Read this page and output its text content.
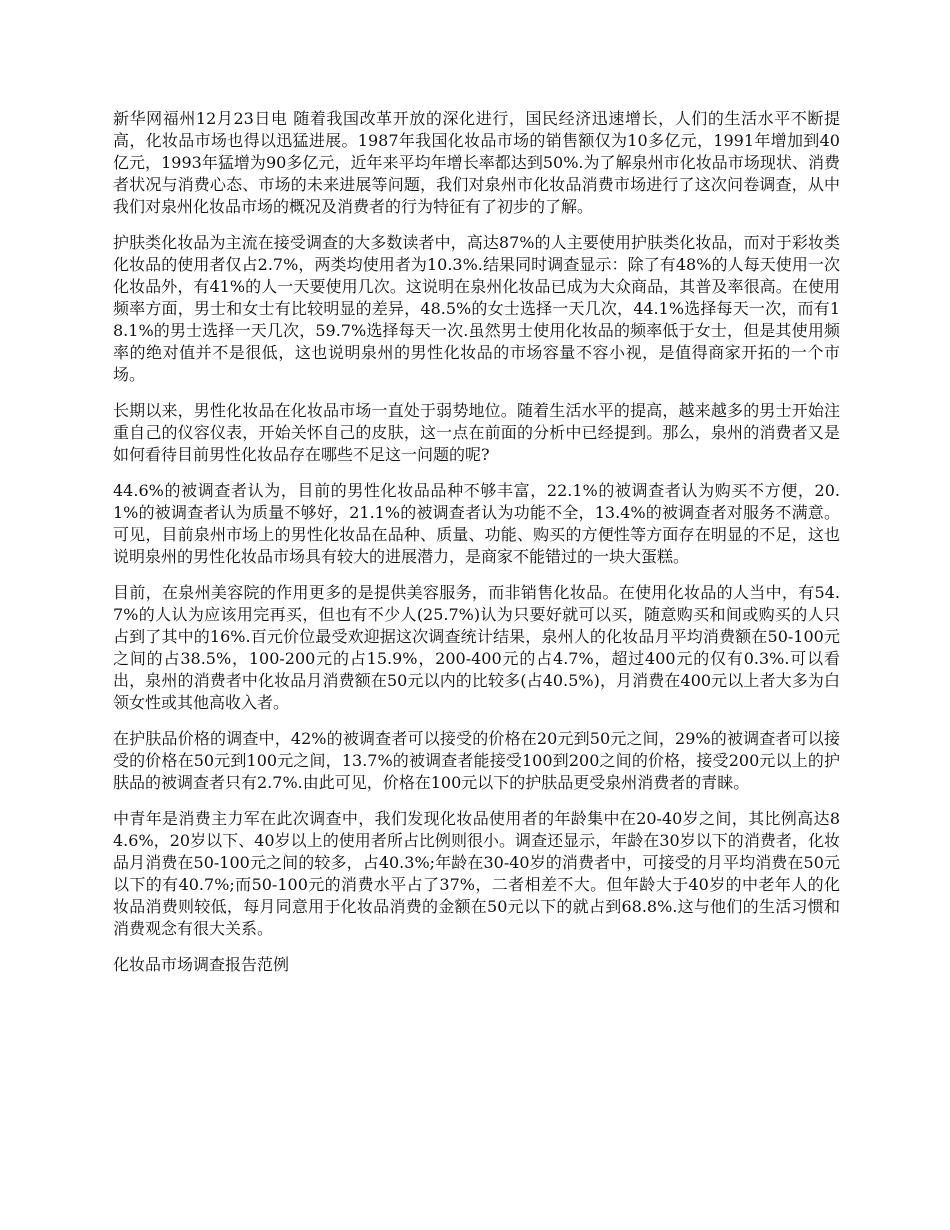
新华网福州12月23日电 随着我国改革开放的深化进行，国民经济迅速增长，人们的生活水平不断提高，化妆品市场也得以迅猛进展。1987年我国化妆品市场的销售额仅为10多亿元，1991年增加到40亿元，1993年猛增为90多亿元，近年来平均年增长率都达到50%.为了解泉州市化妆品市场现状、消费者状况与消费心态、市场的未来进展等问题，我们对泉州市化妆品消费市场进行了这次问卷调查，从中我们对泉州化妆品市场的概况及消费者的行为特征有了初步的了解。

护肤类化妆品为主流在接受调查的大多数读者中，高达87%的人主要使用护肤类化妆品，而对于彩妆类化妆品的使用者仅占2.7%，两类均使用者为10.3%.结果同时调查显示：除了有48%的人每天使用一次化妆品外，有41%的人一天要使用几次。这说明在泉州化妆品已成为大众商品，其普及率很高。在使用频率方面，男士和女士有比较明显的差异，48.5%的女士选择一天几次，44.1%选择每天一次，而有18.1%的男士选择一天几次，59.7%选择每天一次.虽然男士使用化妆品的频率低于女士，但是其使用频率的绝对值并不是很低，这也说明泉州的男性化妆品的市场容量不容小视，是值得商家开拓的一个市场。

长期以来，男性化妆品在化妆品市场一直处于弱势地位。随着生活水平的提高，越来越多的男士开始注重自己的仪容仪表，开始关怀自己的皮肤，这一点在前面的分析中已经提到。那么，泉州的消费者又是如何看待目前男性化妆品存在哪些不足这一问题的呢?

44.6%的被调查者认为，目前的男性化妆品品种不够丰富，22.1%的被调查者认为购买不方便，20.1%的被调查者认为质量不够好，21.1%的被调查者认为功能不全，13.4%的被调查者对服务不满意。可见，目前泉州市场上的男性化妆品在品种、质量、功能、购买的方便性等方面存在明显的不足，这也说明泉州的男性化妆品市场具有较大的进展潜力，是商家不能错过的一块大蛋糕。

目前，在泉州美容院的作用更多的是提供美容服务，而非销售化妆品。在使用化妆品的人当中，有54.7%的人认为应该用完再买，但也有不少人(25.7%)认为只要好就可以买，随意购买和间或购买的人只占到了其中的16%.百元价位最受欢迎据这次调查统计结果，泉州人的化妆品月平均消费额在50-100元之间的占38.5%，100-200元的占15.9%，200-400元的占4.7%，超过400元的仅有0.3%.可以看出，泉州的消费者中化妆品月消费额在50元以内的比较多(占40.5%)，月消费在400元以上者大多为白领女性或其他高收入者。

在护肤品价格的调查中，42%的被调查者可以接受的价格在20元到50元之间，29%的被调查者可以接受的价格在50元到100元之间，13.7%的被调查者能接受100到200之间的价格，接受200元以上的护肤品的被调查者只有2.7%.由此可见，价格在100元以下的护肤品更受泉州消费者的青睐。

中青年是消费主力军在此次调查中，我们发现化妆品使用者的年龄集中在20-40岁之间，其比例高达84.6%，20岁以下、40岁以上的使用者所占比例则很小。调查还显示，年龄在30岁以下的消费者，化妆品月消费在50-100元之间的较多，占40.3%;年龄在30-40岁的消费者中，可接受的月平均消费在50元以下的有40.7%;而50-100元的消费水平占了37%，二者相差不大。但年龄大于40岁的中老年人的化妆品消费则较低，每月同意用于化妆品消费的金额在50元以下的就占到68.8%.这与他们的生活习惯和消费观念有很大关系。

化妆品市场调查报告范例
